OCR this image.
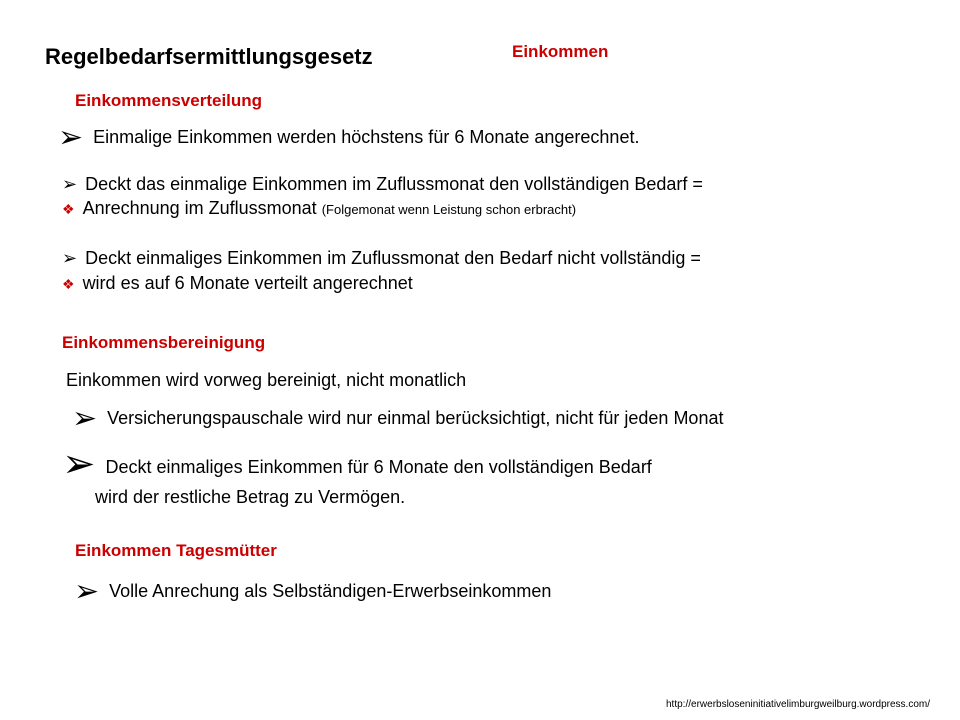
Regelbedarfsermittlungsgesetz	Einkommen
Einkommensverteilung
➢ Einmalige Einkommen werden höchstens für 6 Monate angerechnet.
➢ Deckt das einmalige Einkommen im Zuflussmonat den vollständigen Bedarf =
❖ Anrechnung im Zuflussmonat (Folgemonat wenn Leistung schon erbracht)
➢ Deckt einmaliges Einkommen im Zuflussmonat den Bedarf nicht vollständig =
❖ wird es auf 6 Monate verteilt angerechnet
Einkommensbereinigung
Einkommen wird vorweg bereinigt, nicht monatlich
➢ Versicherungspauschale wird nur einmal berücksichtigt, nicht für jeden Monat
➢ Deckt einmaliges Einkommen für 6 Monate den vollständigen Bedarf
wird der restliche Betrag zu Vermögen.
Einkommen Tagesmütter
➢ Volle Anrechung als Selbständigen-Erwerbseinkommen
http://erwerbsloseninitiativelimburgweilburg.wordpress.com/
